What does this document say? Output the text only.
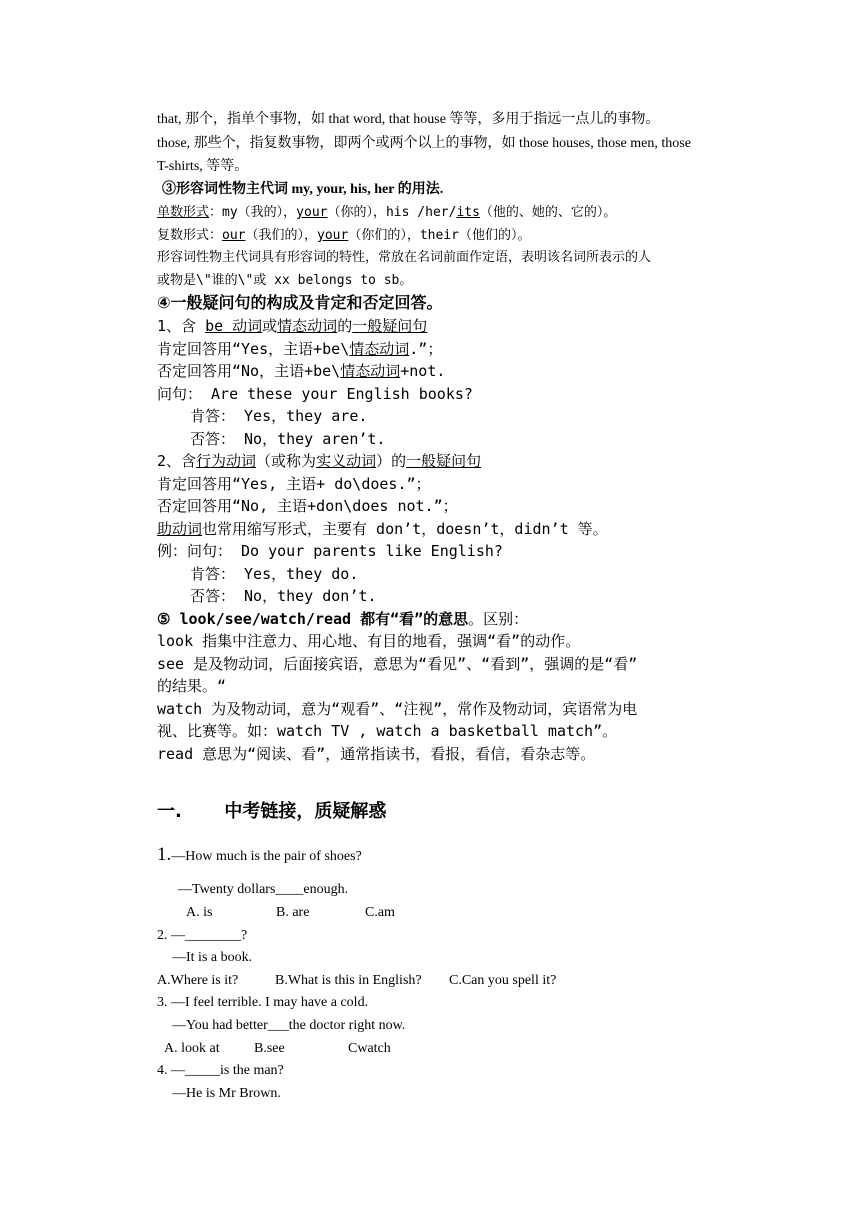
that, 那个，指单个事物，如 that word, that house 等等，多用于指远一点儿的事物。
those, 那些个，指复数事物，即两个或两个以上的事物，如 those houses, those men, those
T-shirts, 等等。
③形容词性物主代词 my, your, his, her 的用法.
单数形式：my（我的），your（你的），his /her/its（他的、她的、它的）。
复数形式：our（我们的），your（你们的），their（他们的）。
形容词性物主代词具有形容词的特性，常放在名词前面作定语，表明该名词所表示的人
或物是\"谁的\"或 xx belongs to sb。
④一般疑问句的构成及肯定和否定回答。
1、含 be 动词或情态动词的一般疑问句
肯定回答用“Yes，主语+be\情态动词.”；
否定回答用“No，主语+be\情态动词+not.
问句： Are these your English books?
肯答： Yes，they are.
否答： No，they aren’t.
2、含行为动词（或称为实义动词）的一般疑问句
肯定回答用“Yes, 主语+ do\does.”；
否定回答用“No, 主语+don\does not.”；
助动词也常用缩写形式，主要有 don’t，doesn’t，didn’t 等。
例：问句： Do your parents like English?
肯答： Yes，they do.
否答： No，they don’t.
⑤ look/see/watch/read 都有“看”的意思。区别：
look 指集中注意力、用心地、有目的地看，强调“看”的动作。
see 是及物动词，后面接宾语，意思为“看见”、“看到”，强调的是“看”
的结果。“
watch 为及物动词，意为“观看”、“注视”，常作及物动词，宾语常为电
视、比赛等。如：watch TV , watch a basketball match”。
read 意思为“阅读、看”，通常指读书，看报，看信，看杂志等。
一. 中考链接，质疑解惑
1.—How much is the pair of shoes?
—Twenty dollars____enough.
A. is	B. are	C.am
2. —________?
—It is a book.
A.Where is it?	B.What is this in English? C.Can you spell it?
3. —I feel terrible. I may have a cold.
—You had better___the doctor right now.
A. look at B.see	Cwatch
4. —_____is the man?
—He is Mr Brown.
